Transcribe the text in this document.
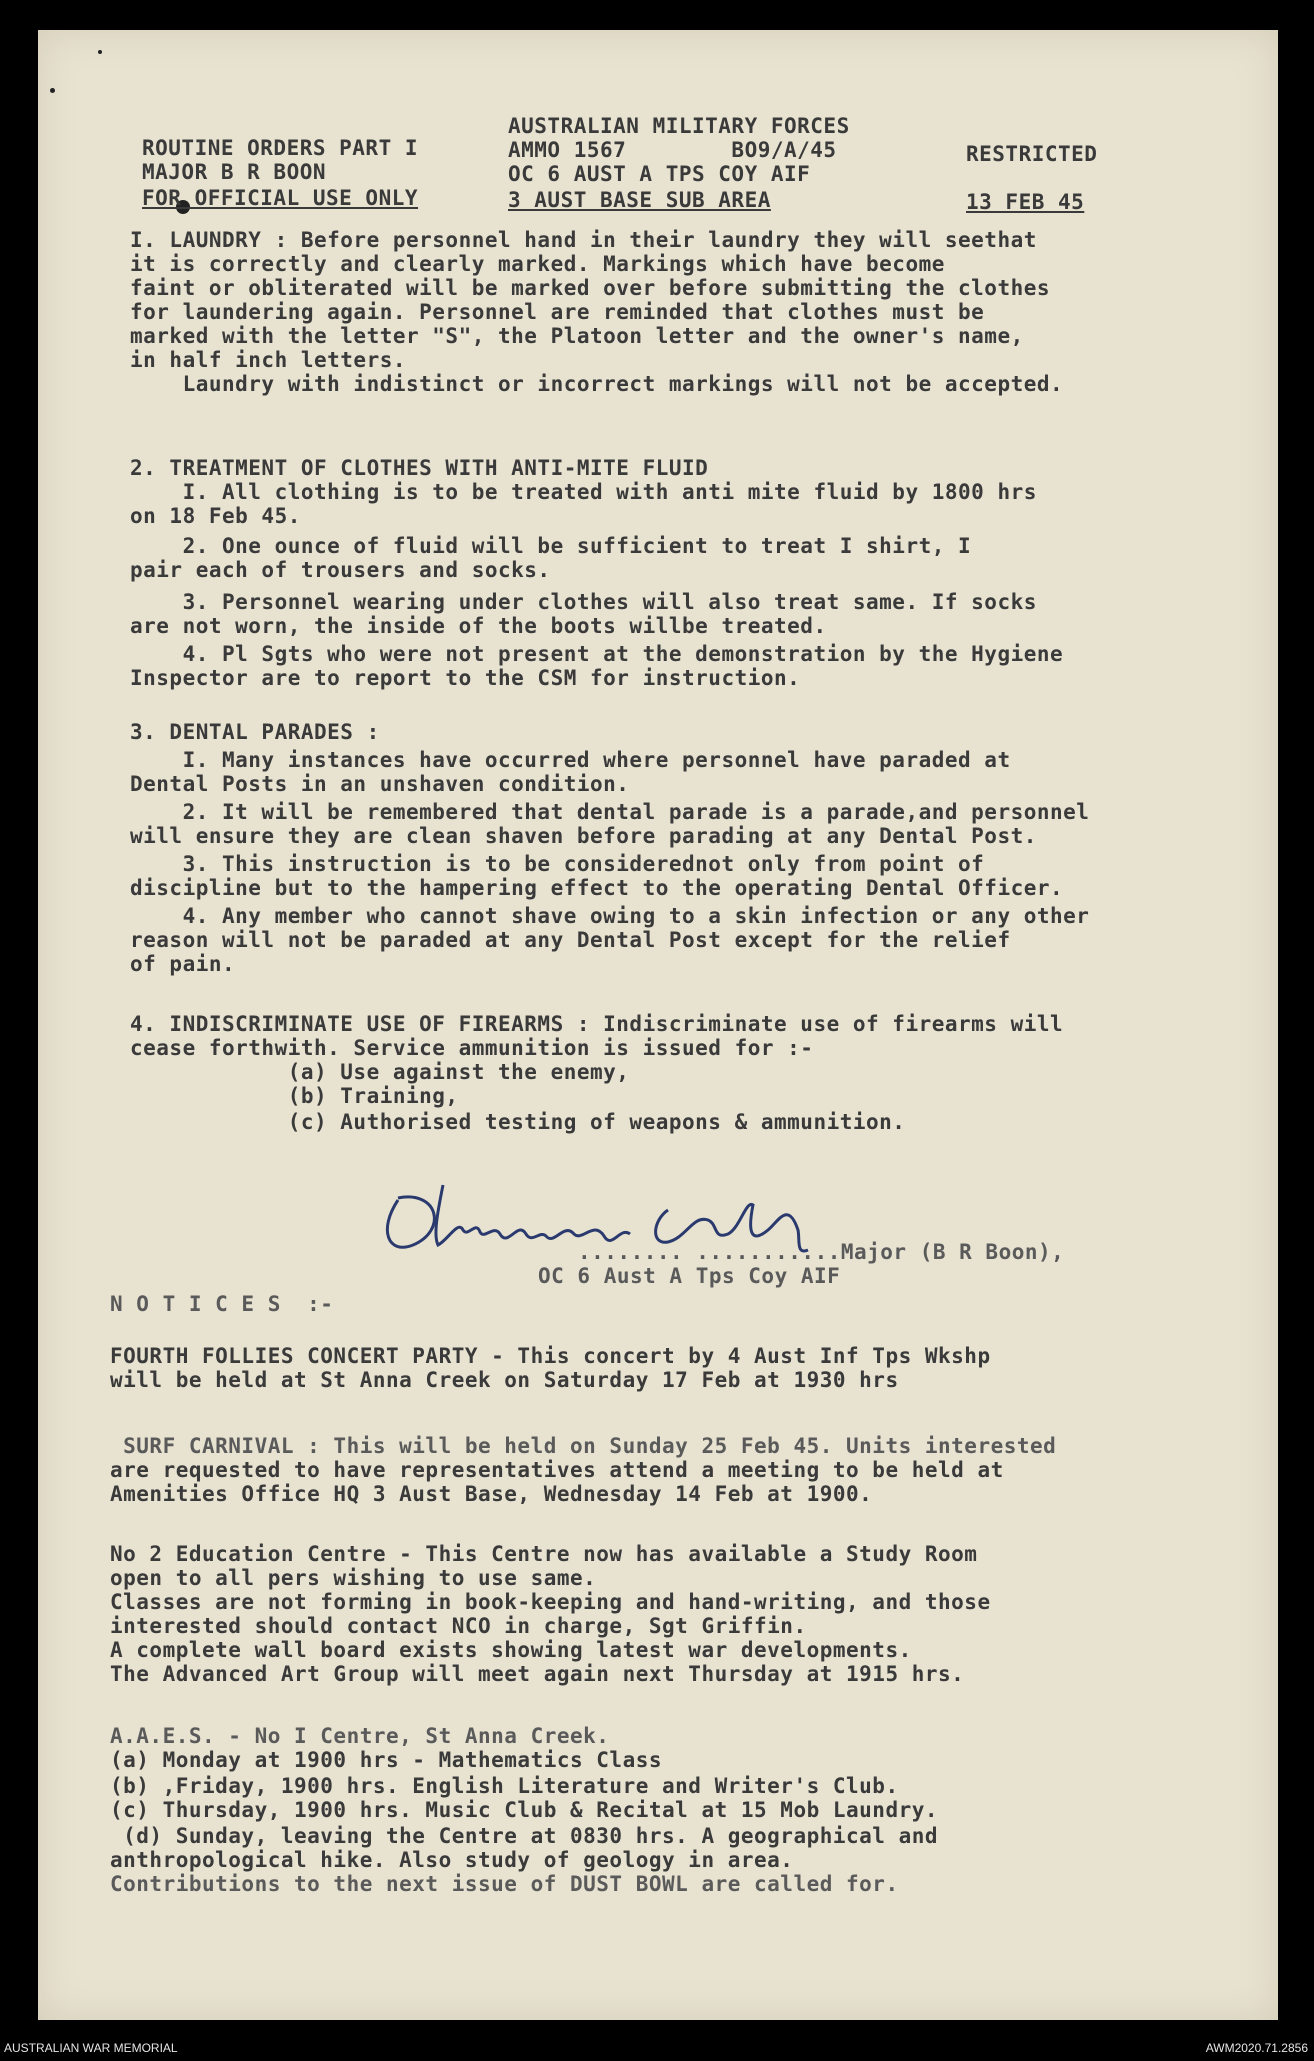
ROUTINE ORDERS PART I
MAJOR B R BOON
FOR OFFICIAL USE ONLY
AUSTRALIAN MILITARY FORCES
AMMO 1567        BO9/A/45
OC 6 AUST A TPS COY AIF
3 AUST BASE SUB AREA
RESTRICTED
13 FEB 45
I. LAUNDRY : Before personnel hand in their laundry they will seethat
it is correctly and clearly marked. Markings which have become
faint or obliterated will be marked over before submitting the clothes
for laundering again. Personnel are reminded that clothes must be
marked with the letter "S", the Platoon letter and the owner's name,
in half inch letters.
Laundry with indistinct or incorrect markings will not be accepted.
2. TREATMENT OF CLOTHES WITH ANTI-MITE FLUID
I. All clothing is to be treated with anti mite fluid by 1800 hrs
on 18 Feb 45.
2. One ounce of fluid will be sufficient to treat I shirt, I
pair each of trousers and socks.
3. Personnel wearing under clothes will also treat same. If socks
are not worn, the inside of the boots willbe treated.
4. Pl Sgts who were not present at the demonstration by the Hygiene
Inspector are to report to the CSM for instruction.
3. DENTAL PARADES :
I. Many instances have occurred where personnel have paraded at
Dental Posts in an unshaven condition.
2. It will be remembered that dental parade is a parade,and personnel
will ensure they are clean shaven before parading at any Dental Post.
3. This instruction is to be considerednot only from point of
discipline but to the hampering effect to the operating Dental Officer.
4. Any member who cannot shave owing to a skin infection or any other
reason will not be paraded at any Dental Post except for the relief
of pain.
4. INDISCRIMINATE USE OF FIREARMS : Indiscriminate use of firearms will
cease forthwith. Service ammunition is issued for :-
(a) Use against the enemy,
(b) Training,
(c) Authorised testing of weapons & ammunition.
........ ...........Major (B R Boon),
OC 6 Aust A Tps Coy AIF
N O T I C E S  :-
FOURTH FOLLIES CONCERT PARTY - This concert by 4 Aust Inf Tps Wkshp
will be held at St Anna Creek on Saturday 17 Feb at 1930 hrs
SURF CARNIVAL : This will be held on Sunday 25 Feb 45. Units interested
are requested to have representatives attend a meeting to be held at
Amenities Office HQ 3 Aust Base, Wednesday 14 Feb at 1900.
No 2 Education Centre - This Centre now has available a Study Room
open to all pers wishing to use same.
Classes are not forming in book-keeping and hand-writing, and those
interested should contact NCO in charge, Sgt Griffin.
A complete wall board exists showing latest war developments.
The Advanced Art Group will meet again next Thursday at 1915 hrs.
A.A.E.S. - No I Centre, St Anna Creek.
(a) Monday at 1900 hrs - Mathematics Class
(b) ,Friday, 1900 hrs. English Literature and Writer's Club.
(c) Thursday, 1900 hrs. Music Club & Recital at 15 Mob Laundry.
(d) Sunday, leaving the Centre at 0830 hrs. A geographical and
anthropological hike. Also study of geology in area.
Contributions to the next issue of DUST BOWL are called for.
AUSTRALIAN WAR MEMORIAL	AWM2020.71.2856
